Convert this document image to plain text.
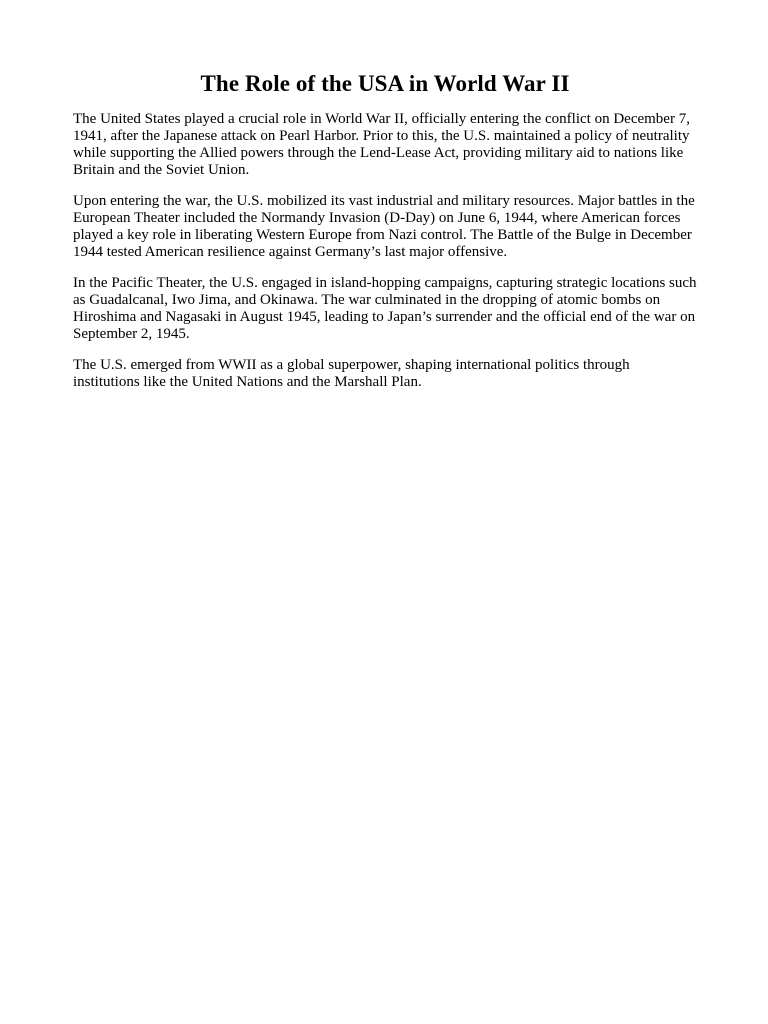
The Role of the USA in World War II

The United States played a crucial role in World War II, officially entering the conflict on December 7, 1941, after the Japanese attack on Pearl Harbor. Prior to this, the U.S. maintained a policy of neutrality while supporting the Allied powers through the Lend-Lease Act, providing military aid to nations like Britain and the Soviet Union.

Upon entering the war, the U.S. mobilized its vast industrial and military resources. Major battles in the European Theater included the Normandy Invasion (D-Day) on June 6, 1944, where American forces played a key role in liberating Western Europe from Nazi control. The Battle of the Bulge in December 1944 tested American resilience against Germany’s last major offensive.

In the Pacific Theater, the U.S. engaged in island-hopping campaigns, capturing strategic locations such as Guadalcanal, Iwo Jima, and Okinawa. The war culminated in the dropping of atomic bombs on Hiroshima and Nagasaki in August 1945, leading to Japan’s surrender and the official end of the war on September 2, 1945.

The U.S. emerged from WWII as a global superpower, shaping international politics through institutions like the United Nations and the Marshall Plan.
